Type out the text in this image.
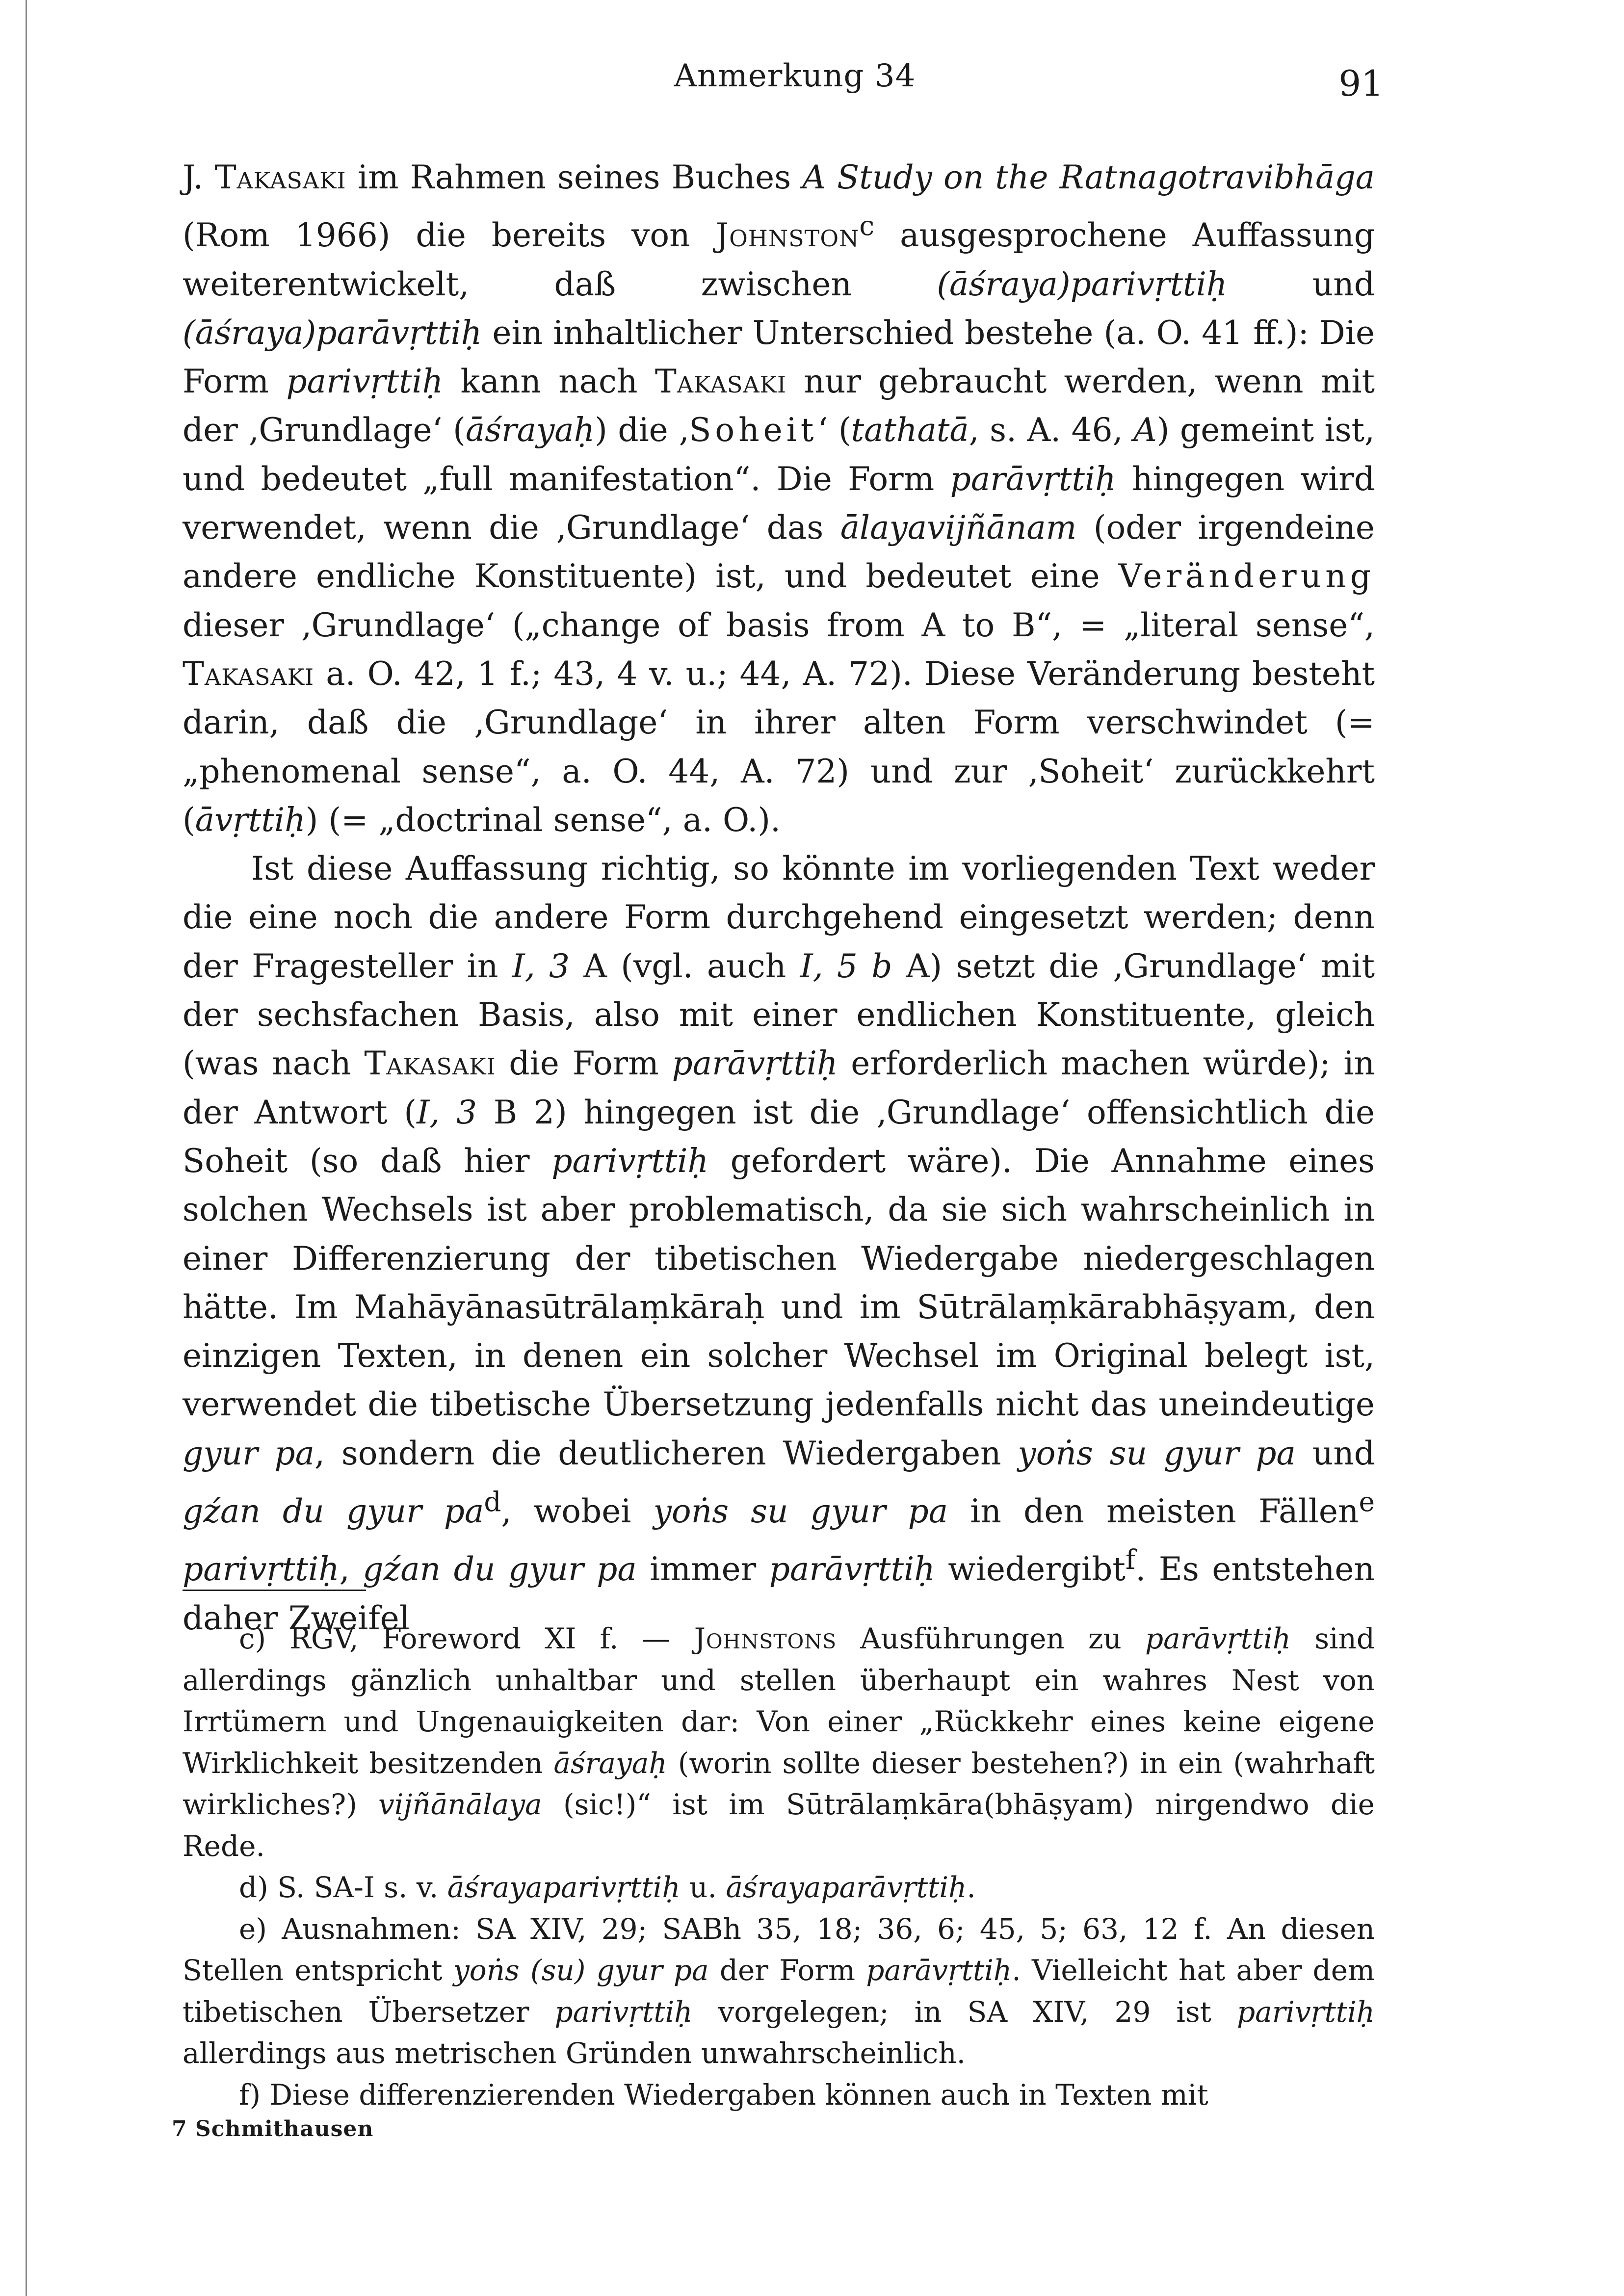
Anmerkung 34	91

J. Takasaki im Rahmen seines Buches A Study on the Ratnagotravibhāga (Rom 1966) die bereits von Johnston$^c$ ausgesprochene Auffassung weiterentwickelt, daß zwischen (āśraya)parivṛttiḥ und (āśraya)parāvṛttiḥ ein inhaltlicher Unterschied bestehe (a. O. 41 ff.): Die Form parivṛttiḥ kann nach Takasaki nur gebraucht werden, wenn mit der ‚Grundlage‘ (āśrayaḥ) die ‚Soheit‘ (tathatā, s. A. 46, A) gemeint ist, und bedeutet „full manifestation“. Die Form parāvṛttiḥ hingegen wird verwendet, wenn die ‚Grundlage‘ das ālayavijñānam (oder irgendeine andere endliche Konstituente) ist, und bedeutet eine Veränderung dieser ‚Grundlage‘ („change of basis from A to B“, = „literal sense“, Takasaki a. O. 42, 1 f.; 43, 4 v. u.; 44, A. 72). Diese Veränderung besteht darin, daß die ‚Grundlage‘ in ihrer alten Form verschwindet (= „phenomenal sense“, a. O. 44, A. 72) und zur ‚Soheit‘ zurückkehrt (āvṛttiḥ) (= „doctrinal sense“, a. O.).

Ist diese Auffassung richtig, so könnte im vorliegenden Text weder die eine noch die andere Form durchgehend eingesetzt werden; denn der Fragesteller in I, 3 A (vgl. auch I, 5 b A) setzt die ‚Grundlage‘ mit der sechsfachen Basis, also mit einer endlichen Konstituente, gleich (was nach Takasaki die Form parāvṛttiḥ erforderlich machen würde); in der Antwort (I, 3 B 2) hingegen ist die ‚Grundlage‘ offensichtlich die Soheit (so daß hier parivṛttiḥ gefordert wäre). Die Annahme eines solchen Wechsels ist aber problematisch, da sie sich wahrscheinlich in einer Differenzierung der tibetischen Wiedergabe niedergeschlagen hätte. Im Mahāyānasūtrālaṃkāraḥ und im Sūtrālaṃkārabhāṣyam, den einzigen Texten, in denen ein solcher Wechsel im Original belegt ist, verwendet die tibetische Übersetzung jedenfalls nicht das uneindeutige gyur pa, sondern die deutlicheren Wiedergaben yoṅs su gyur pa und gźan du gyur $pa^d$, wobei yoṅs su gyur pa in den meisten Fällen$^e$ parivṛttiḥ, gźan du gyur pa immer parāvṛttiḥ wiedergibt$^f$. Es entstehen daher Zweifel

c) RGV, Foreword XI f. — Johnstons Ausführungen zu parāvṛttiḥ sind allerdings gänzlich unhaltbar und stellen überhaupt ein wahres Nest von Irrtümern und Ungenauigkeiten dar: Von einer „Rückkehr eines keine eigene Wirklichkeit besitzenden āśrayaḥ (worin sollte dieser bestehen?) in ein (wahrhaft wirkliches?) vijñānālaya (sic!)“ ist im Sūtrālaṃkāra(bhāṣyam) nirgendwo die Rede.

d) S. SA-I s. v. āśrayaparivṛttiḥ u. āśrayaparāvṛttiḥ.

e) Ausnahmen: SA XIV, 29; SABh 35, 18; 36, 6; 45, 5; 63, 12 f. An diesen Stellen entspricht yoṅs (su) gyur pa der Form parāvṛttiḥ. Vielleicht hat aber dem tibetischen Übersetzer parivṛttiḥ vorgelegen; in SA XIV, 29 ist parivṛttiḥ allerdings aus metrischen Gründen unwahrscheinlich.

f) Diese differenzierenden Wiedergaben können auch in Texten mit

7 Schmithausen
